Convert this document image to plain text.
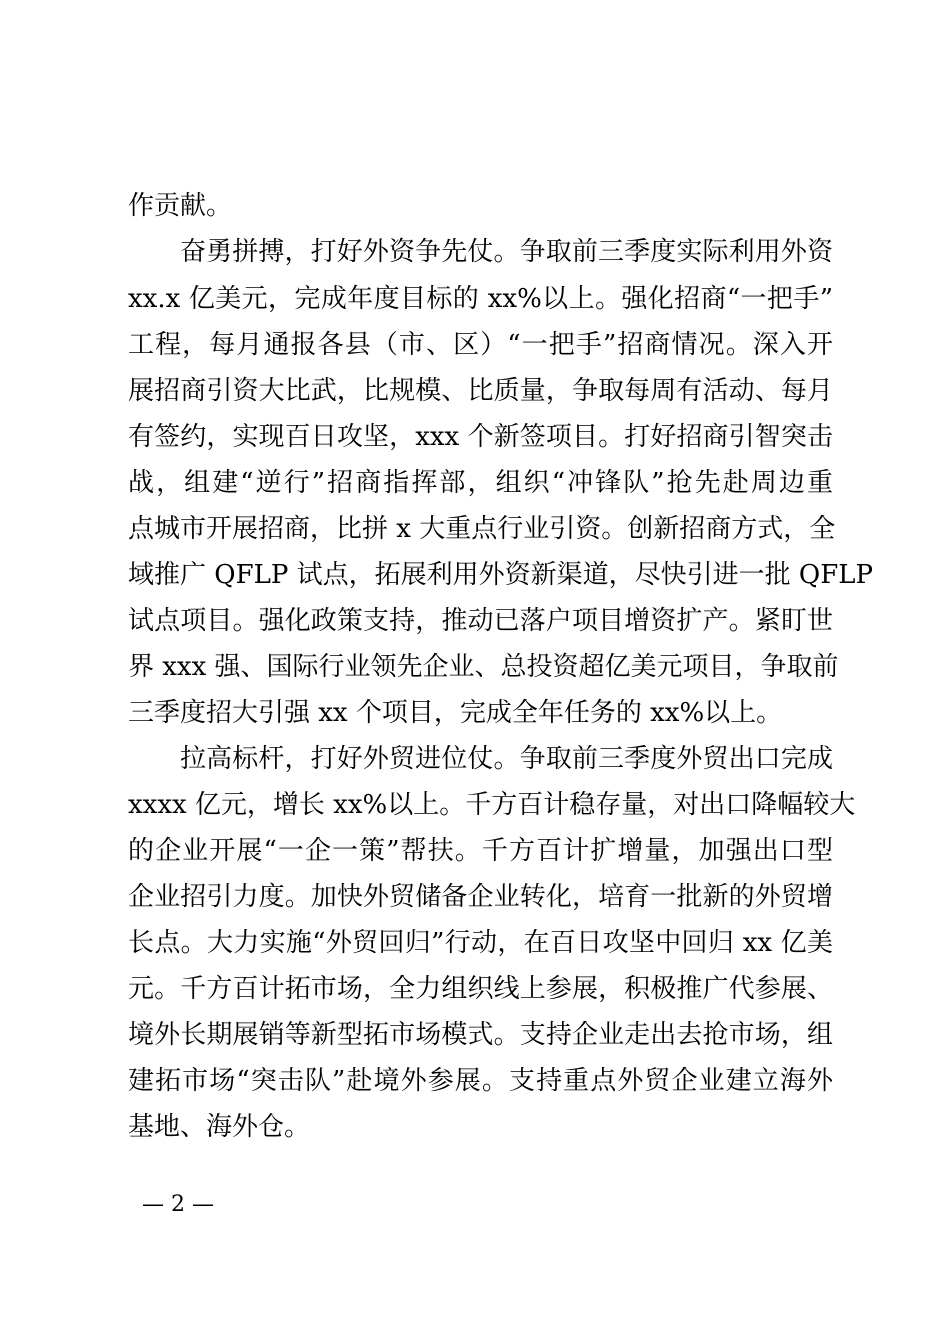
作贡献。
奋勇拼搏，打好外资争先仗。争取前三季度实际利用外资
xx.x 亿美元，完成年度目标的 xx%以上。强化招商“一把手”
工程，每月通报各县（市、区）“一把手”招商情况。深入开
展招商引资大比武，比规模、比质量，争取每周有活动、每月
有签约，实现百日攻坚，xxx 个新签项目。打好招商引智突击
战，组建“逆行”招商指挥部，组织“冲锋队”抢先赴周边重
点城市开展招商，比拼 x 大重点行业引资。创新招商方式，全
域推广 QFLP 试点，拓展利用外资新渠道，尽快引进一批 QFLP
试点项目。强化政策支持，推动已落户项目增资扩产。紧盯世
界 xxx 强、国际行业领先企业、总投资超亿美元项目，争取前
三季度招大引强 xx 个项目，完成全年任务的 xx%以上。
拉高标杆，打好外贸进位仗。争取前三季度外贸出口完成
xxxx 亿元，增长 xx%以上。千方百计稳存量，对出口降幅较大
的企业开展“一企一策”帮扶。千方百计扩增量，加强出口型
企业招引力度。加快外贸储备企业转化，培育一批新的外贸增
长点。大力实施“外贸回归”行动，在百日攻坚中回归 xx 亿美
元。千方百计拓市场，全力组织线上参展，积极推广代参展、
境外长期展销等新型拓市场模式。支持企业走出去抢市场，组
建拓市场“突击队”赴境外参展。支持重点外贸企业建立海外
基地、海外仓。
— 2 —
